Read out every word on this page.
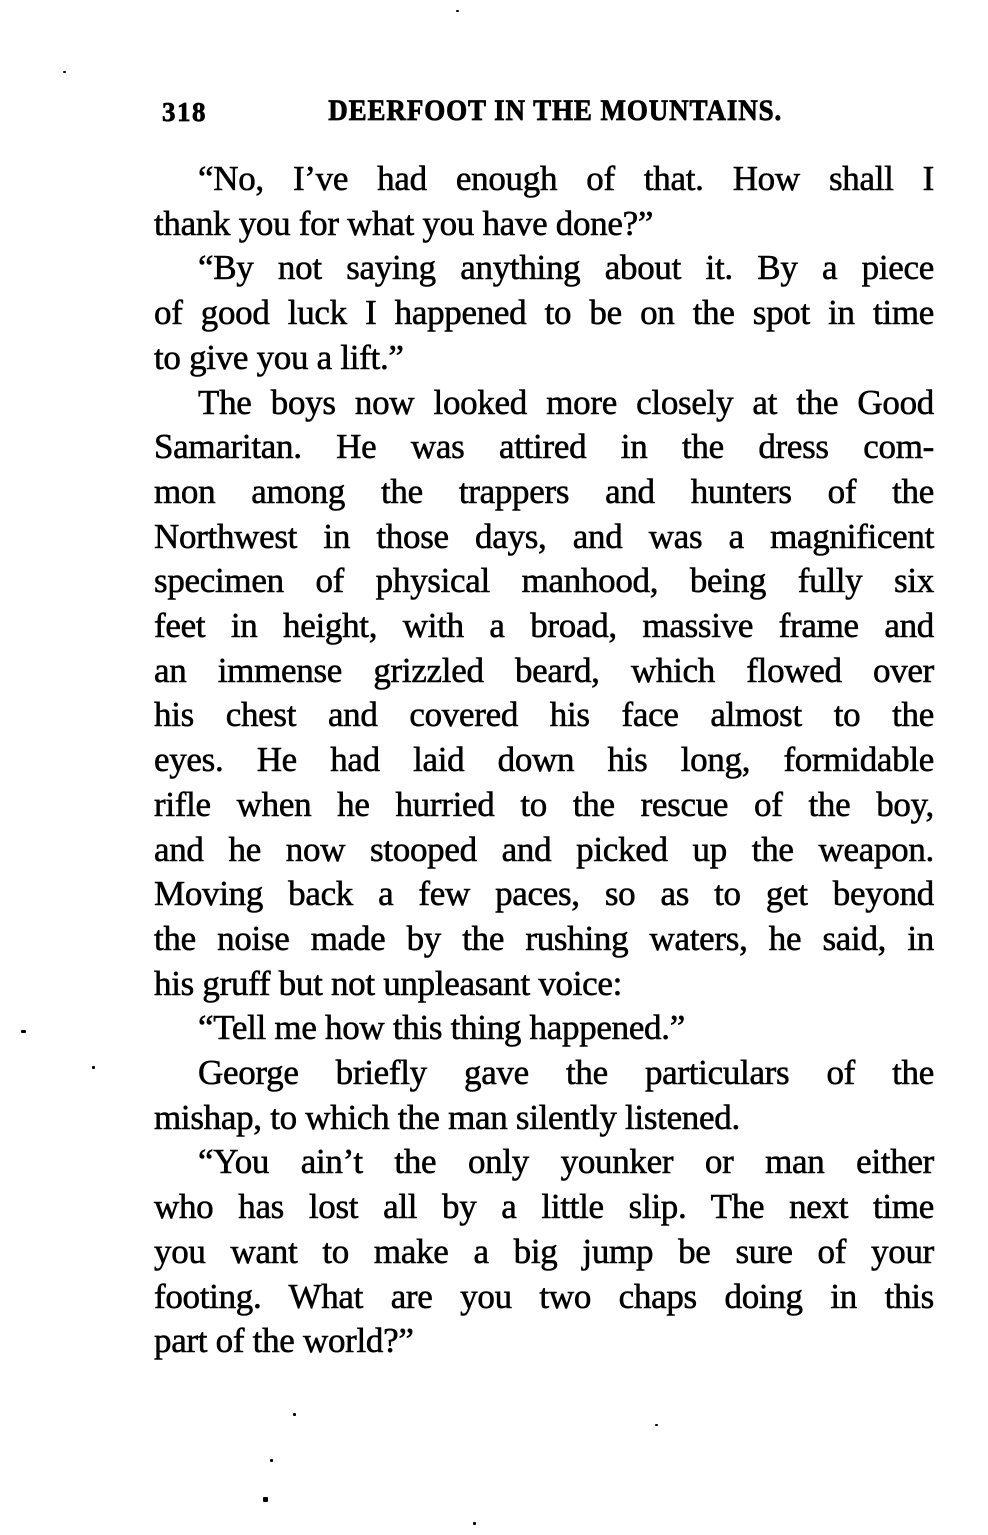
318	DEERFOOT IN THE MOUNTAINS.
“No, I’ve had enough of that. How shall I
thank you for what you have done?”
“By not saying anything about it. By a piece
of good luck I happened to be on the spot in time
to give you a lift.”
The boys now looked more closely at the Good
Samaritan. He was attired in the dress com-
mon among the trappers and hunters of the
Northwest in those days, and was a magnificent
specimen of physical manhood, being fully six
feet in height, with a broad, massive frame and
an immense grizzled beard, which flowed over
his chest and covered his face almost to the
eyes. He had laid down his long, formidable
rifle when he hurried to the rescue of the boy,
and he now stooped and picked up the weapon.
Moving back a few paces, so as to get beyond
the noise made by the rushing waters, he said, in
his gruff but not unpleasant voice:
“Tell me how this thing happened.”
George briefly gave the particulars of the
mishap, to which the man silently listened.
“You ain’t the only younker or man either
who has lost all by a little slip. The next time
you want to make a big jump be sure of your
footing. What are you two chaps doing in this
part of the world?”
